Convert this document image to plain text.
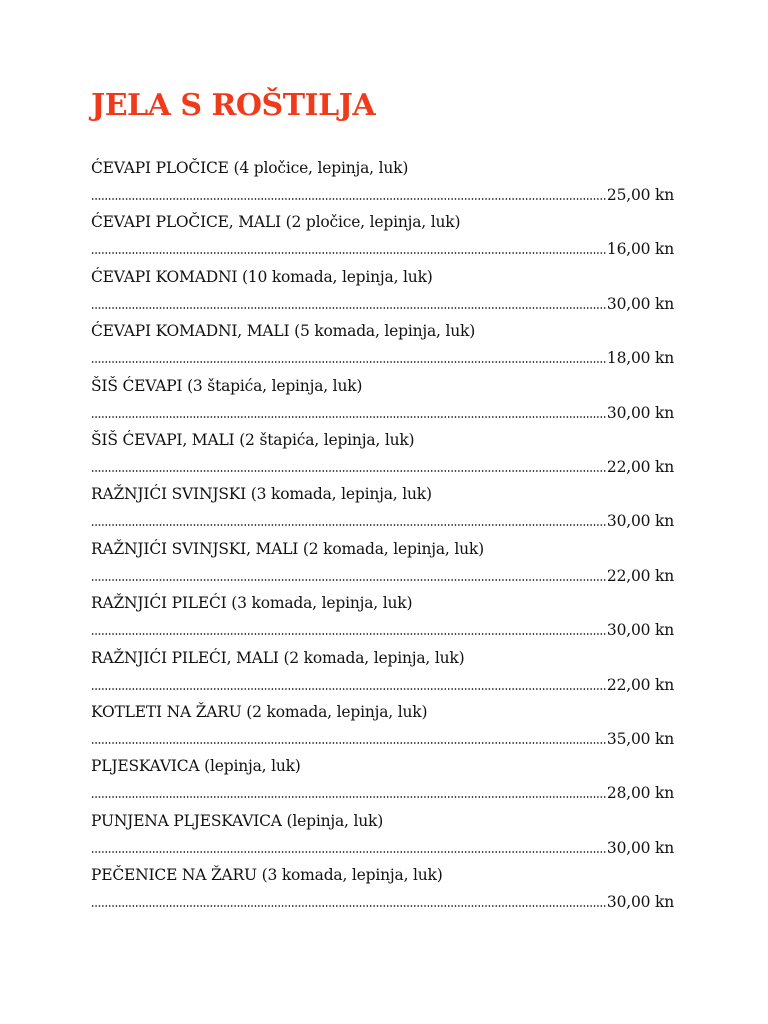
JELA S ROŠTILJA
ĆEVAPI PLOČICE (4 pločice, lepinja, luk)
25,00 kn
ĆEVAPI PLOČICE, MALI (2 pločice, lepinja, luk)
16,00 kn
ĆEVAPI KOMADNI (10 komada, lepinja, luk)
30,00 kn
ĆEVAPI KOMADNI, MALI (5 komada, lepinja, luk)
18,00 kn
ŠIŠ ĆEVAPI (3 štapića, lepinja, luk)
30,00 kn
ŠIŠ ĆEVAPI, MALI (2 štapića, lepinja, luk)
22,00 kn
RAŽNJIĆI SVINJSKI (3 komada, lepinja, luk)
30,00 kn
RAŽNJIĆI SVINJSKI, MALI (2 komada, lepinja, luk)
22,00 kn
RAŽNJIĆI PILEĆI (3 komada, lepinja, luk)
30,00 kn
RAŽNJIĆI PILEĆI, MALI (2 komada, lepinja, luk)
22,00 kn
KOTLETI NA ŽARU (2 komada, lepinja, luk)
35,00 kn
PLJESKAVICA (lepinja, luk)
28,00 kn
PUNJENA PLJESKAVICA (lepinja, luk)
30,00 kn
PEČENICE NA ŽARU (3 komada, lepinja, luk)
30,00 kn
